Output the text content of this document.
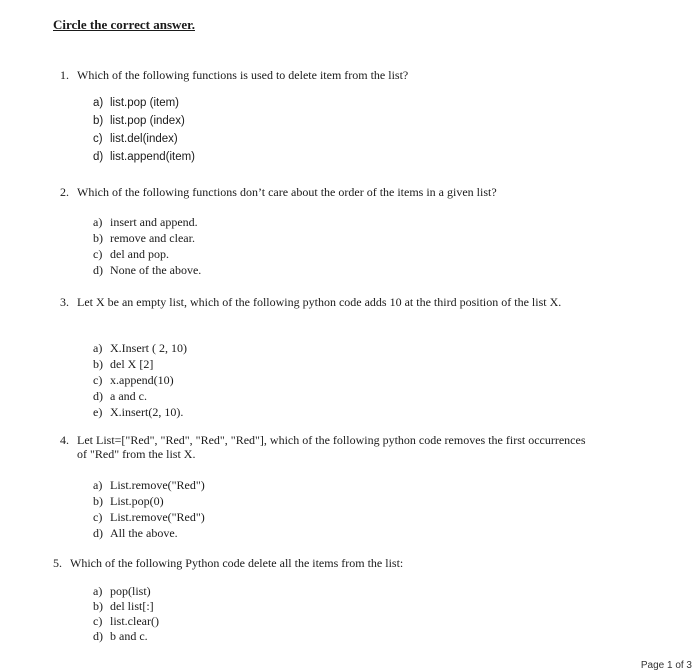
Circle the correct answer.
1. Which of the following functions is used to delete item from the list?
a) list.pop (item)
b) list.pop (index)
c) list.del(index)
d) list.append(item)
2. Which of the following functions don’t care about the order of the items in a given list?
a) insert and append.
b) remove and clear.
c) del and pop.
d) None of the above.
3. Let X be an empty list, which of the following python code adds 10 at the third position of the list X.
a) X.Insert ( 2, 10)
b) del X [2]
c) x.append(10)
d) a and c.
e) X.insert(2, 10).
4. Let List=["Red", "Red", "Red", "Red"], which of the following python code removes the first occurrences of "Red" from the list X.
a) List.remove("Red")
b) List.pop(0)
c) List.remove("Red")
d) All the above.
5. Which of the following Python code delete all the items from the list:
a) pop(list)
b) del list[:]
c) list.clear()
d) b and c.
Page 1 of 3
